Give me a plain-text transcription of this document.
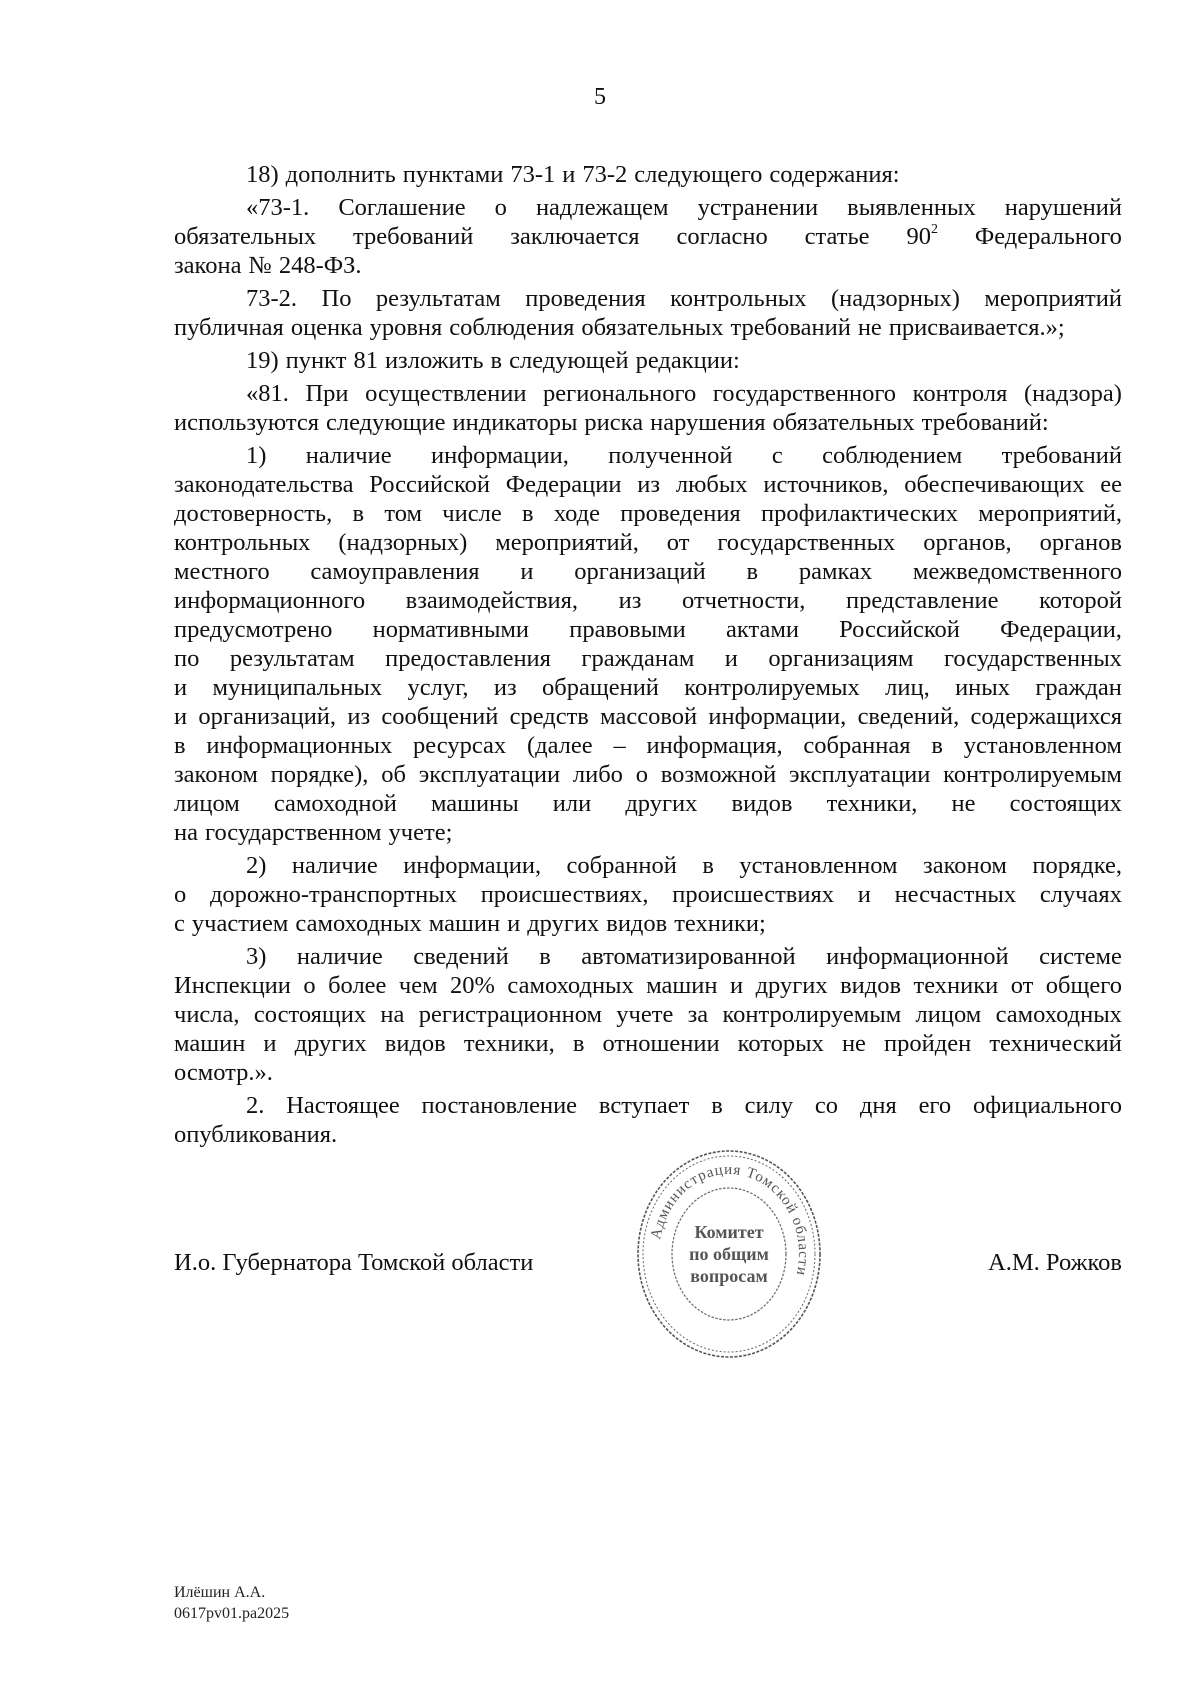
5
18) дополнить пунктами 73-1 и 73-2 следующего содержания:
«73-1. Соглашение о надлежащем устранении выявленных нарушений
обязательных требований заключается согласно статье $90^2$ Федерального
закона № 248-ФЗ.
73-2. По результатам проведения контрольных (надзорных) мероприятий
публичная оценка уровня соблюдения обязательных требований не присваивается.»;
19) пункт 81 изложить в следующей редакции:
«81. При осуществлении регионального государственного контроля (надзора)
используются следующие индикаторы риска нарушения обязательных требований:
1) наличие информации, полученной с соблюдением требований
законодательства Российской Федерации из любых источников, обеспечивающих ее
достоверность, в том числе в ходе проведения профилактических мероприятий,
контрольных (надзорных) мероприятий, от государственных органов, органов
местного самоуправления и организаций в рамках межведомственного
информационного взаимодействия, из отчетности, представление которой
предусмотрено нормативными правовыми актами Российской Федерации,
по результатам предоставления гражданам и организациям государственных
и муниципальных услуг, из обращений контролируемых лиц, иных граждан
и организаций, из сообщений средств массовой информации, сведений, содержащихся
в информационных ресурсах (далее – информация, собранная в установленном
законом порядке), об эксплуатации либо о возможной эксплуатации контролируемым
лицом самоходной машины или других видов техники, не состоящих
на государственном учете;
2) наличие информации, собранной в установленном законом порядке,
о дорожно-транспортных происшествиях, происшествиях и несчастных случаях
с участием самоходных машин и других видов техники;
3) наличие сведений в автоматизированной информационной системе
Инспекции о более чем 20% самоходных машин и других видов техники от общего
числа, состоящих на регистрационном учете за контролируемым лицом самоходных
машин и других видов техники, в отношении которых не пройден технический
осмотр.».
2. Настоящее постановление вступает в силу со дня его официального
опубликования.
И.о. Губернатора Томской области
Администрация Томской области
Комитет
по общим
вопросам	А.М. Рожков
Илёшин А.А.
0617pv01.pa2025
